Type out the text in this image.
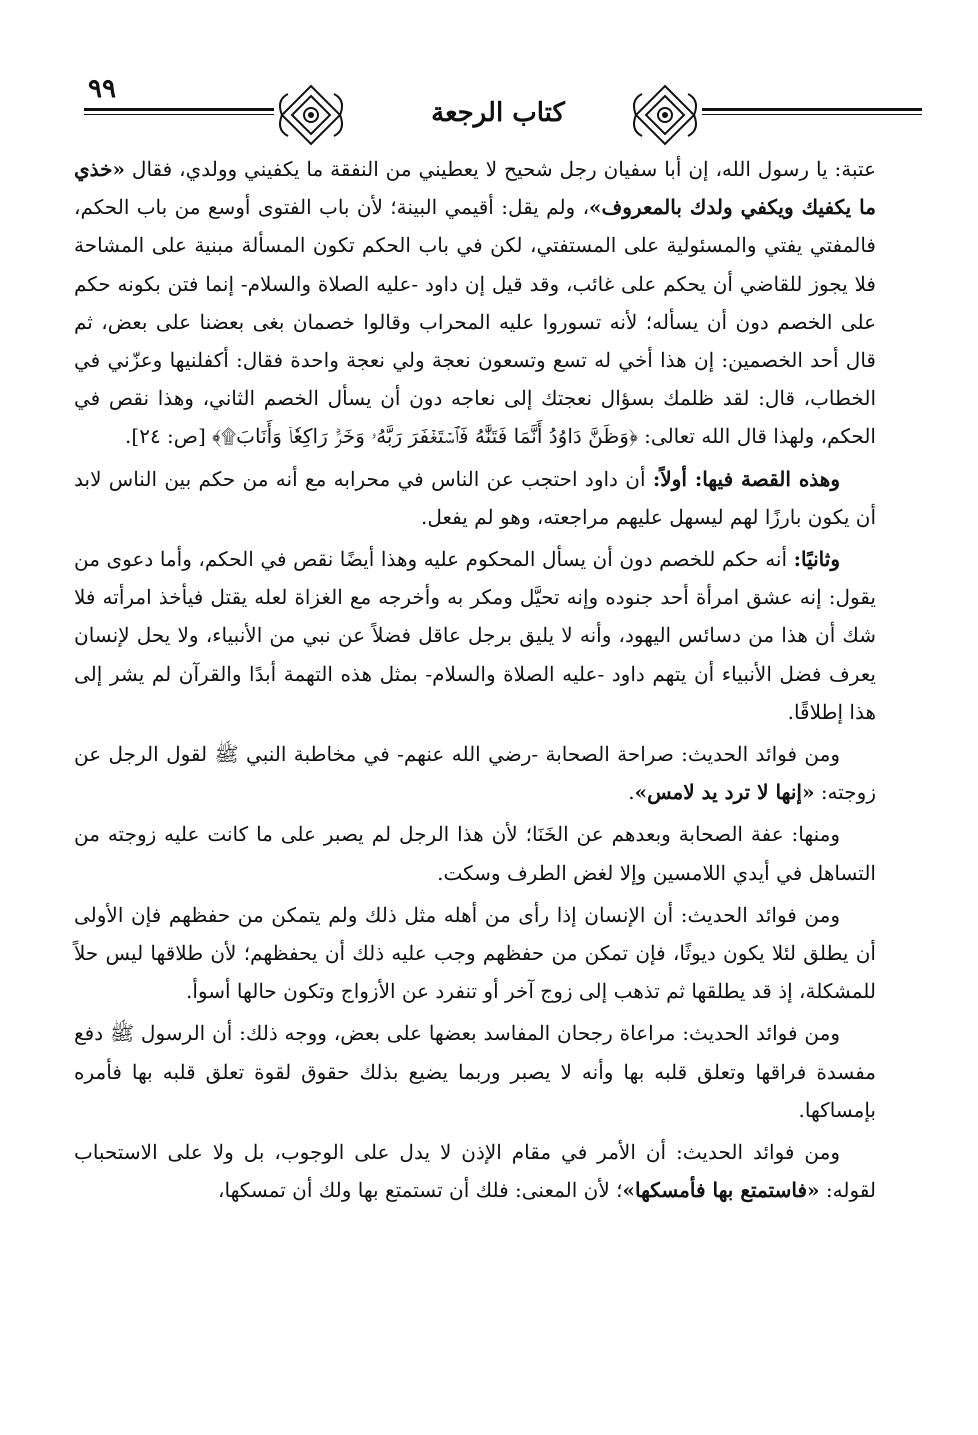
٩٩
كتاب الرجعة

عتبة: يا رسول الله، إن أبا سفيان رجل شحيح لا يعطيني من النفقة ما يكفيني وولدي، فقال «خذي ما يكفيك ويكفي ولدك بالمعروف»، ولم يقل: أقيمي البينة؛ لأن باب الفتوى أوسع من باب الحكم، فالمفتي يفتي والمسئولية على المستفتي، لكن في باب الحكم تكون المسألة مبنية على المشاحة فلا يجوز للقاضي أن يحكم على غائب، وقد قيل إن داود -عليه الصلاة والسلام- إنما فتن بكونه حكم على الخصم دون أن يسأله؛ لأنه تسوروا عليه المحراب وقالوا خصمان بغى بعضنا على بعض، ثم قال أحد الخصمين: إن هذا أخي له تسع وتسعون نعجة ولي نعجة واحدة فقال: أكفلنيها وعزّني في الخطاب، قال: لقد ظلمك بسؤال نعجتك إلى نعاجه دون أن يسأل الخصم الثاني، وهذا نقص في الحكم، ولهذا قال الله تعالى: ﴿وَظَنَّ دَاوُدُ أَنَّمَا فَتَنَّٰهُ فَٱسۡتَغۡفَرَ رَبَّهُۥ وَخَرَّۤ رَاكِعٗاۤ وَأَنَابَ۩﴾ [ص: ٢٤].

وهذه القصة فيها: أولاً: أن داود احتجب عن الناس في محرابه مع أنه من حكم بين الناس لابد أن يكون بارزًا لهم ليسهل عليهم مراجعته، وهو لم يفعل.

وثانيًا: أنه حكم للخصم دون أن يسأل المحكوم عليه وهذا أيضًا نقص في الحكم، وأما دعوى من يقول: إنه عشق امرأة أحد جنوده وإنه تحيَّل ومكر به وأخرجه مع الغزاة لعله يقتل فيأخذ امرأته فلا شك أن هذا من دسائس اليهود، وأنه لا يليق برجل عاقل فضلاً عن نبي من الأنبياء، ولا يحل لإنسان يعرف فضل الأنبياء أن يتهم داود -عليه الصلاة والسلام- بمثل هذه التهمة أبدًا والقرآن لم يشر إلى هذا إطلاقًا.

ومن فوائد الحديث: صراحة الصحابة -رضي الله عنهم- في مخاطبة النبي ﷺ لقول الرجل عن زوجته: «إنها لا ترد يد لامس».

ومنها: عفة الصحابة وبعدهم عن الخَنَا؛ لأن هذا الرجل لم يصبر على ما كانت عليه زوجته من التساهل في أيدي اللامسين وإلا لغض الطرف وسكت.

ومن فوائد الحديث: أن الإنسان إذا رأى من أهله مثل ذلك ولم يتمكن من حفظهم فإن الأولى أن يطلق لئلا يكون ديوثًا، فإن تمكن من حفظهم وجب عليه ذلك أن يحفظهم؛ لأن طلاقها ليس حلاً للمشكلة، إذ قد يطلقها ثم تذهب إلى زوج آخر أو تنفرد عن الأزواج وتكون حالها أسوأ.

ومن فوائد الحديث: مراعاة رجحان المفاسد بعضها على بعض، ووجه ذلك: أن الرسول ﷺ دفع مفسدة فراقها وتعلق قلبه بها وأنه لا يصبر وربما يضيع بذلك حقوق لقوة تعلق قلبه بها فأمره بإمساكها.

ومن فوائد الحديث: أن الأمر في مقام الإذن لا يدل على الوجوب، بل ولا على الاستحباب لقوله: «فاستمتع بها فأمسكها»؛ لأن المعنى: فلك أن تستمتع بها ولك أن تمسكها،
